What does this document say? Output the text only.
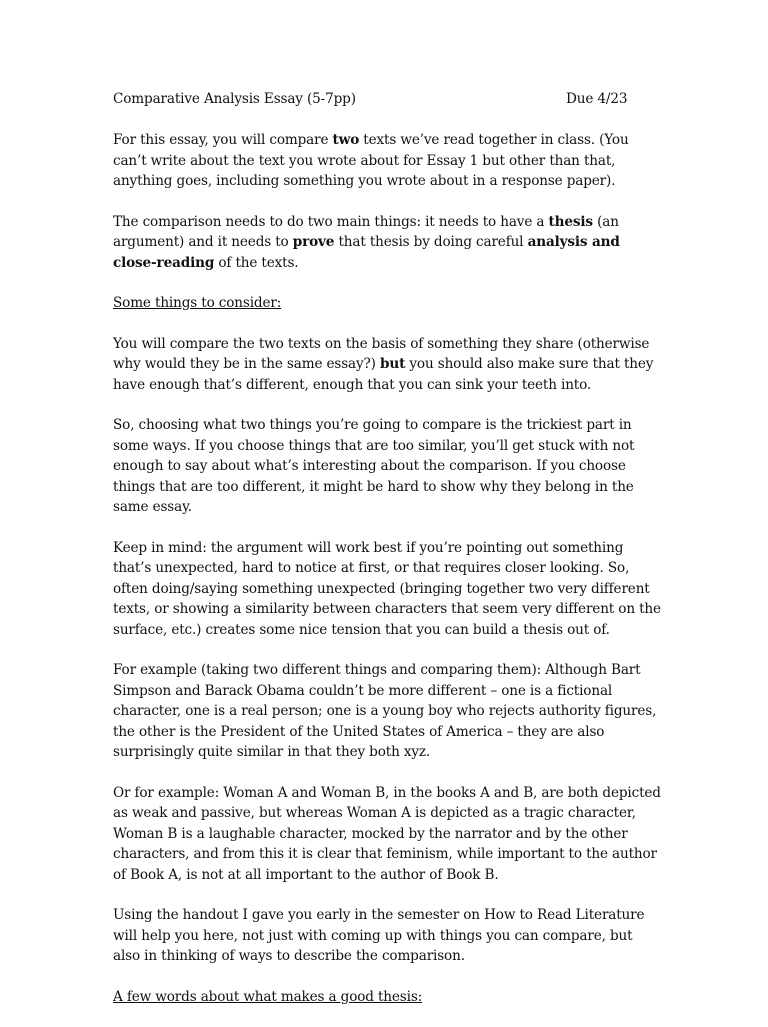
Comparative Analysis Essay (5-7pp)	Due 4/23

For this essay, you will compare two texts we’ve read together in class. (You can’t write about the text you wrote about for Essay 1 but other than that, anything goes, including something you wrote about in a response paper).

The comparison needs to do two main things: it needs to have a thesis (an argument) and it needs to prove that thesis by doing careful analysis and close-reading of the texts.

Some things to consider:

You will compare the two texts on the basis of something they share (otherwise why would they be in the same essay?) but you should also make sure that they have enough that’s different, enough that you can sink your teeth into.

So, choosing what two things you’re going to compare is the trickiest part in some ways. If you choose things that are too similar, you’ll get stuck with not enough to say about what’s interesting about the comparison. If you choose things that are too different, it might be hard to show why they belong in the same essay.

Keep in mind: the argument will work best if you’re pointing out something that’s unexpected, hard to notice at first, or that requires closer looking. So, often doing/saying something unexpected (bringing together two very different texts, or showing a similarity between characters that seem very different on the surface, etc.) creates some nice tension that you can build a thesis out of.

For example (taking two different things and comparing them): Although Bart Simpson and Barack Obama couldn’t be more different – one is a fictional character, one is a real person; one is a young boy who rejects authority figures, the other is the President of the United States of America – they are also surprisingly quite similar in that they both xyz.

Or for example: Woman A and Woman B, in the books A and B, are both depicted as weak and passive, but whereas Woman A is depicted as a tragic character, Woman B is a laughable character, mocked by the narrator and by the other characters, and from this it is clear that feminism, while important to the author of Book A, is not at all important to the author of Book B.

Using the handout I gave you early in the semester on How to Read Literature will help you here, not just with coming up with things you can compare, but also in thinking of ways to describe the comparison.

A few words about what makes a good thesis:
